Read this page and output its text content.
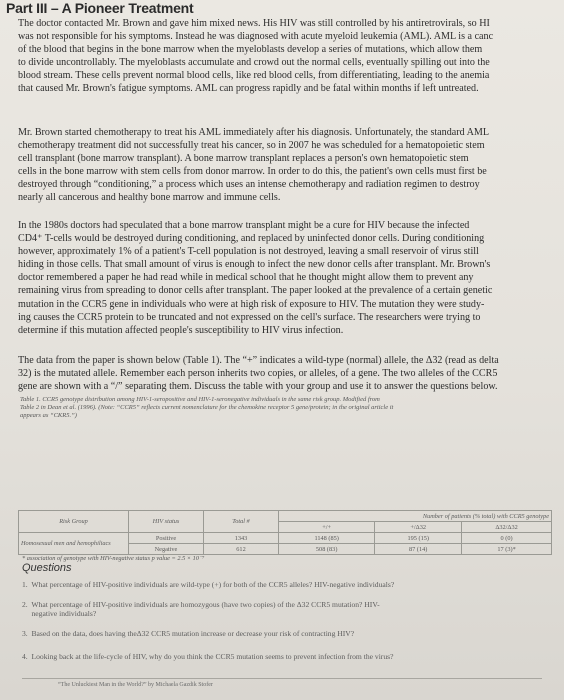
Part III – A Pioneer Treatment
The doctor contacted Mr. Brown and gave him mixed news. His HIV was still controlled by his antiretrovirals, so HI
was not responsible for his symptoms. Instead he was diagnosed with acute myeloid leukemia (AML). AML is a canc
of the blood that begins in the bone marrow when the myeloblasts develop a series of mutations, which allow them
to divide uncontrollably. The myeloblasts accumulate and crowd out the normal cells, eventually spilling out into the
blood stream. These cells prevent normal blood cells, like red blood cells, from differentiating, leading to the anemia
that caused Mr. Brown's fatigue symptoms. AML can progress rapidly and be fatal within months if left untreated.
Mr. Brown started chemotherapy to treat his AML immediately after his diagnosis. Unfortunately, the standard AML
chemotherapy treatment did not successfully treat his cancer, so in 2007 he was scheduled for a hematopoietic stem
cell transplant (bone marrow transplant). A bone marrow transplant replaces a person's own hematopoietic stem
cells in the bone marrow with stem cells from donor marrow. In order to do this, the patient's own cells must first be
destroyed through “conditioning,” a process which uses an intense chemotherapy and radiation regimen to destroy
nearly all cancerous and healthy bone marrow and immune cells.
In the 1980s doctors had speculated that a bone marrow transplant might be a cure for HIV because the infected
CD4⁺ T-cells would be destroyed during conditioning, and replaced by uninfected donor cells. During conditioning
however, approximately 1% of a patient's T-cell population is not destroyed, leaving a small reservoir of virus still
hiding in those cells. That small amount of virus is enough to infect the new donor cells after transplant. Mr. Brown's
doctor remembered a paper he had read while in medical school that he thought might allow them to prevent any
remaining virus from spreading to donor cells after transplant. The paper looked at the prevalence of a certain genetic
mutation in the CCR5 gene in individuals who were at high risk of exposure to HIV. The mutation they were study-
ing causes the CCR5 protein to be truncated and not expressed on the cell's surface. The researchers were trying to
determine if this mutation affected people's susceptibility to HIV virus infection.
The data from the paper is shown below (Table 1). The “+” indicates a wild-type (normal) allele, the Δ32 (read as delta
32) is the mutated allele. Remember each person inherits two copies, or alleles, of a gene. The two alleles of the CCR5
gene are shown with a “/” separating them. Discuss the table with your group and use it to answer the questions below.
Table 1. CCR5 genotype distribution among HIV-1-seropositive and HIV-1-seronegative individuals in the same risk group. Modified from
Table 2 in Dean et al. (1996). (Note: “CCR5” reflects current nomenclature for the chemokine receptor 5 gene/protein; in the original article it
appears as “CKR5.”)
Risk Group	HIV status	Total #	Number of patients (% total) with CCR5 genotype		
			+/+	+/Δ32	Δ32/Δ32
Homosexual men and hemophiliacs	Positive	1343	1148 (85)	195 (15)	0 (0)
	Negative	612	508 (83)	87 (14)	17 (3)*
* association of genotype with HIV-negative status p value = 2.5 × 10⁻⁷
Questions
1.  What percentage of HIV-positive individuals are wild-type (+) for both of the CCR5 alleles? HIV-negative individuals?
2.  What percentage of HIV-positive individuals are homozygous (have two copies) of the Δ32 CCR5 mutation? HIV-
negative individuals?
3.  Based on the data, does having theΔ32 CCR5 mutation increase or decrease your risk of contracting HIV?
4.  Looking back at the life-cycle of HIV, why do you think the CCR5 mutation seems to prevent infection from the virus?
“The Unluckiest Man in the World?” by Michaela Gazdik Stofer
